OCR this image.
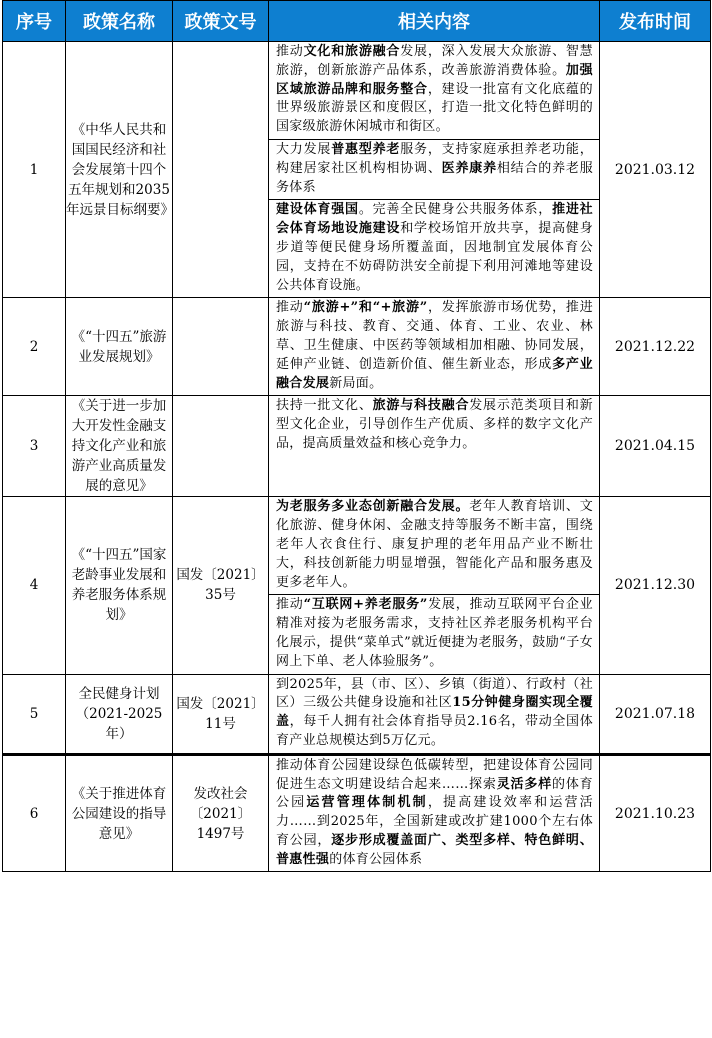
序号	政策名称	政策文号	相关内容	发布时间
1	《中华人民共和国国民经济和社会发展第十四个五年规划和2035年远景目标纲要》		推动文化和旅游融合发展，深入发展大众旅游、智慧旅游，创新旅游产品体系，改善旅游消费体验。加强区域旅游品牌和服务整合，建设一批富有文化底蕴的世界级旅游景区和度假区，打造一批文化特色鲜明的国家级旅游休闲城市和街区。
大力发展普惠型养老服务，支持家庭承担养老功能，构建居家社区机构相协调、医养康养相结合的养老服务体系
建设体育强国。完善全民健身公共服务体系，推进社会体育场地设施建设和学校场馆开放共享，提高健身步道等便民健身场所覆盖面，因地制宜发展体育公园，支持在不妨碍防洪安全前提下利用河滩地等建设公共体育设施。	2021.03.12
2	《“十四五”旅游业发展规划》		推动“旅游+”和“+旅游”，发挥旅游市场优势，推进旅游与科技、教育、交通、体育、工业、农业、林草、卫生健康、中医药等领域相加相融、协同发展，延伸产业链、创造新价值、催生新业态，形成多产业融合发展新局面。	2021.12.22
3	《关于进一步加大开发性金融支持文化产业和旅游产业高质量发展的意见》		扶持一批文化、旅游与科技融合发展示范类项目和新型文化企业，引导创作生产优质、多样的数字文化产品，提高质量效益和核心竞争力。	2021.04.15
4	《“十四五”国家老龄事业发展和养老服务体系规划》	国发〔2021〕35号	为老服务多业态创新融合发展。老年人教育培训、文化旅游、健身休闲、金融支持等服务不断丰富，围绕老年人衣食住行、康复护理的老年用品产业不断壮大，科技创新能力明显增强，智能化产品和服务惠及更多老年人。
推动“互联网+养老服务”发展，推动互联网平台企业精准对接为老服务需求，支持社区养老服务机构平台化展示，提供“菜单式”就近便捷为老服务，鼓励“子女网上下单、老人体验服务”。	2021.12.30
5	全民健身计划（2021-2025年）	国发〔2021〕11号	到2025年，县（市、区）、乡镇（街道）、行政村（社区）三级公共健身设施和社区15分钟健身圈实现全覆盖，每千人拥有社会体育指导员2.16名，带动全国体育产业总规模达到5万亿元。	2021.07.18
6	《关于推进体育公园建设的指导意见》	发改社会〔2021〕1497号	推动体育公园建设绿色低碳转型，把建设体育公园同促进生态文明建设结合起来……探索灵活多样的体育公园运营管理体制机制，提高建设效率和运营活力……到2025年，全国新建或改扩建1000个左右体育公园，逐步形成覆盖面广、类型多样、特色鲜明、普惠性强的体育公园体系	2021.10.23
